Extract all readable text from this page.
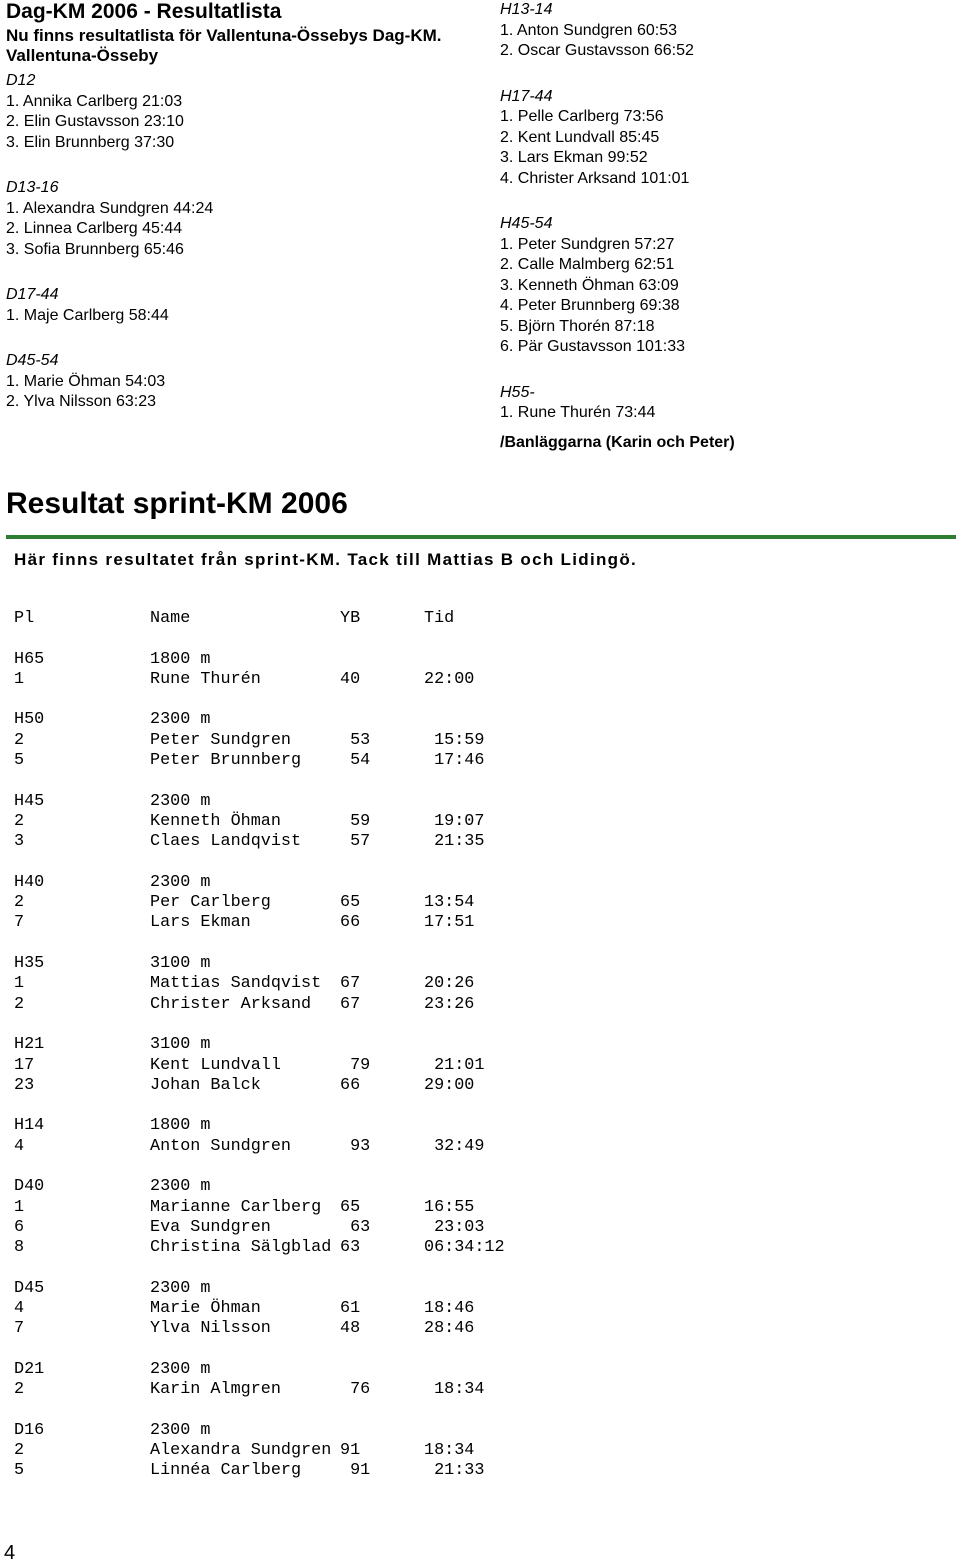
Dag-KM 2006 - Resultatlista
Nu finns resultatlista för Vallentuna-Össebys Dag-KM.
Vallentuna-Össeby
D12
1. Annika Carlberg 21:03
2. Elin Gustavsson 23:10
3. Elin Brunnberg 37:30
D13-16
1. Alexandra Sundgren 44:24
2. Linnea Carlberg 45:44
3. Sofia Brunnberg 65:46
D17-44
1. Maje Carlberg 58:44
D45-54
1. Marie Öhman 54:03
2. Ylva Nilsson 63:23
H13-14
1. Anton Sundgren 60:53
2. Oscar Gustavsson 66:52
H17-44
1. Pelle Carlberg 73:56
2. Kent Lundvall 85:45
3. Lars Ekman 99:52
4. Christer Arksand 101:01
H45-54
1. Peter Sundgren 57:27
2. Calle Malmberg 62:51
3. Kenneth Öhman 63:09
4. Peter Brunnberg 69:38
5. Björn Thorén 87:18
6. Pär Gustavsson 101:33
H55-
1. Rune Thurén 73:44
/Banläggarna (Karin och Peter)
Resultat sprint-KM 2006
Här finns resultatet från sprint-KM. Tack till Mattias B och Lidingö.
Pl	Name	YB	Tid
H65	1800 m
1	Rune Thurén	40	22:00
H50	2300 m
2	Peter Sundgren	53	15:59
5	Peter Brunnberg 54	17:46
H45	2300 m
2	Kenneth Öhman	59	19:07
3	Claes Landqvist 57	21:35
H40	2300 m
2	Per Carlberg	65	13:54
7	Lars Ekman	66	17:51
H35	3100 m
1	Mattias Sandqvist 67	20:26
2	Christer Arksand 67	23:26
H21	3100 m
17	Kent Lundvall	79	21:01
23	Johan Balck	66	29:00
H14	1800 m
4	Anton Sundgren	93	32:49
D40	2300 m
1	Marianne Carlberg 65	16:55
6	Eva Sundgren	63	23:03
8	Christina Sälgblad 63	06:34:12
D45	2300 m
4	Marie Öhman	61	18:46
7	Ylva Nilsson	48	28:46
D21	2300 m
2	Karin Almgren	76	18:34
D16	2300 m
2	Alexandra Sundgren 91	18:34
5	Linnéa Carlberg 91	21:33
4
